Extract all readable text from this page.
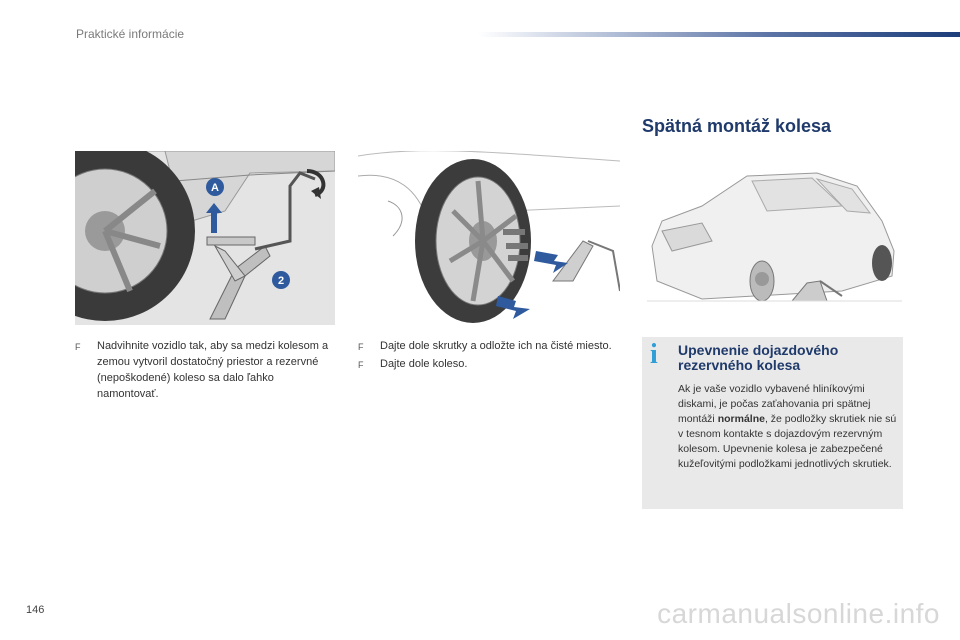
Praktické informácie
Spätná montáž kolesa
A
2
F	Nadvihnite vozidlo tak, aby sa medzi kolesom a zemou vytvoril dostatočný priestor a rezervné (nepoškodené) koleso sa dalo ľahko namontovať.
F	Dajte dole skrutky a odložte ich na čisté miesto.
F	Dajte dole koleso.	i Upevnenie dojazdového rezervného kolesa
Ak je vaše vozidlo vybavené hliníkovými diskami, je počas zaťahovania pri spätnej montáži normálne, že podložky skrutiek nie sú v tesnom kontakte s dojazdovým rezervným kolesom. Upevnenie kolesa je zabezpečené kužeľovitými podložkami jednotlivých skrutiek.
146	carmanualsonline.info
